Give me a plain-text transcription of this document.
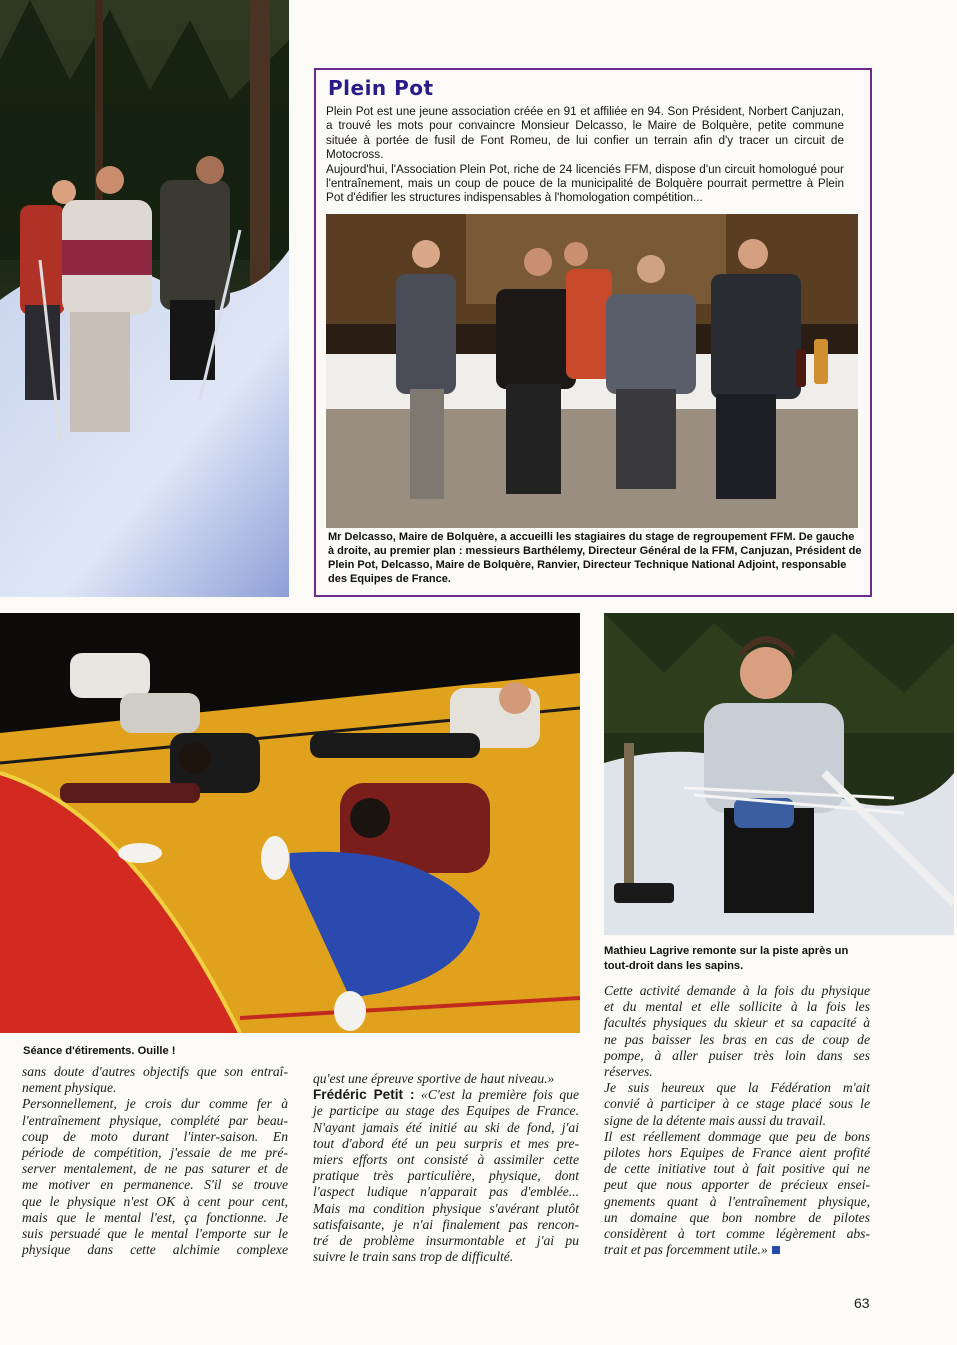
Plein Pot

Plein Pot est une jeune association créée en 91 et affiliée en 94. Son Président, Norbert Canjuzan, a trouvé les mots pour convaincre Monsieur Delcasso, le Maire de Bolquère, petite commune située à portée de fusil de Font Romeu, de lui confier un terrain afin d'y tracer un circuit de Motocross.

Aujourd'hui, l'Association Plein Pot, riche de 24 licenciés FFM, dispose d'un circuit homologué pour l'entraînement, mais un coup de pouce de la municipalité de Bolquère pourrait permettre à Plein Pot d'édifier les structures indispensables à l'homologation compétition...

Mr Delcasso, Maire de Bolquère, a accueilli les stagiaires du stage de regroupement FFM. De gauche à droite, au premier plan : messieurs Barthélemy, Directeur Général de la FFM, Canjuzan, Président de Plein Pot, Delcasso, Maire de Bolquère, Ranvier, Directeur Technique National Adjoint, responsable des Equipes de France.
Séance d'étirements. Ouille !
Mathieu Lagrive remonte sur la piste après un tout-droit dans les sapins.
sans doute d'autres objectifs que son entraî-
nement physique.
Personnellement, je crois dur comme fer à
l'entraînement physique, complété par beau-
coup de moto durant l'inter-saison. En
période de compétition, j'essaie de me pré-
server mentalement, de ne pas saturer et de
me motiver en permanence. S'il se trouve
que le physique n'est OK à cent pour cent,
mais que le mental l'est, ça fonctionne. Je
suis persuadé que le mental l'emporte sur le
physique dans cette alchimie complexe
qu'est une épreuve sportive de haut niveau.»
Frédéric Petit : «C'est la première fois que
je participe au stage des Equipes de France.
N'ayant jamais été initié au ski de fond, j'ai
tout d'abord été un peu surpris et mes pre-
miers efforts ont consisté à assimiler cette
pratique très particulière, physique, dont
l'aspect ludique n'apparait pas d'emblée...
Mais ma condition physique s'avérant plutôt
satisfaisante, je n'ai finalement pas rencon-
tré de problème insurmontable et j'ai pu
suivre le train sans trop de difficulté.
Cette activité demande à la fois du physique
et du mental et elle sollicite à la fois les
facultés physiques du skieur et sa capacité à
ne pas baisser les bras en cas de coup de
pompe, à aller puiser très loin dans ses
réserves.
Je suis heureux que la Fédération m'ait
convié à participer à ce stage placé sous le
signe de la détente mais aussi du travail.
Il est réellement dommage que peu de bons
pilotes hors Equipes de France aient profité
de cette initiative tout à fait positive qui ne
peut que nous apporter de précieux ensei-
gnements quant à l'entraînement physique,
un domaine que bon nombre de pilotes
considèrent à tort comme légèrement abs-
trait et pas forcemment utile.»
63
